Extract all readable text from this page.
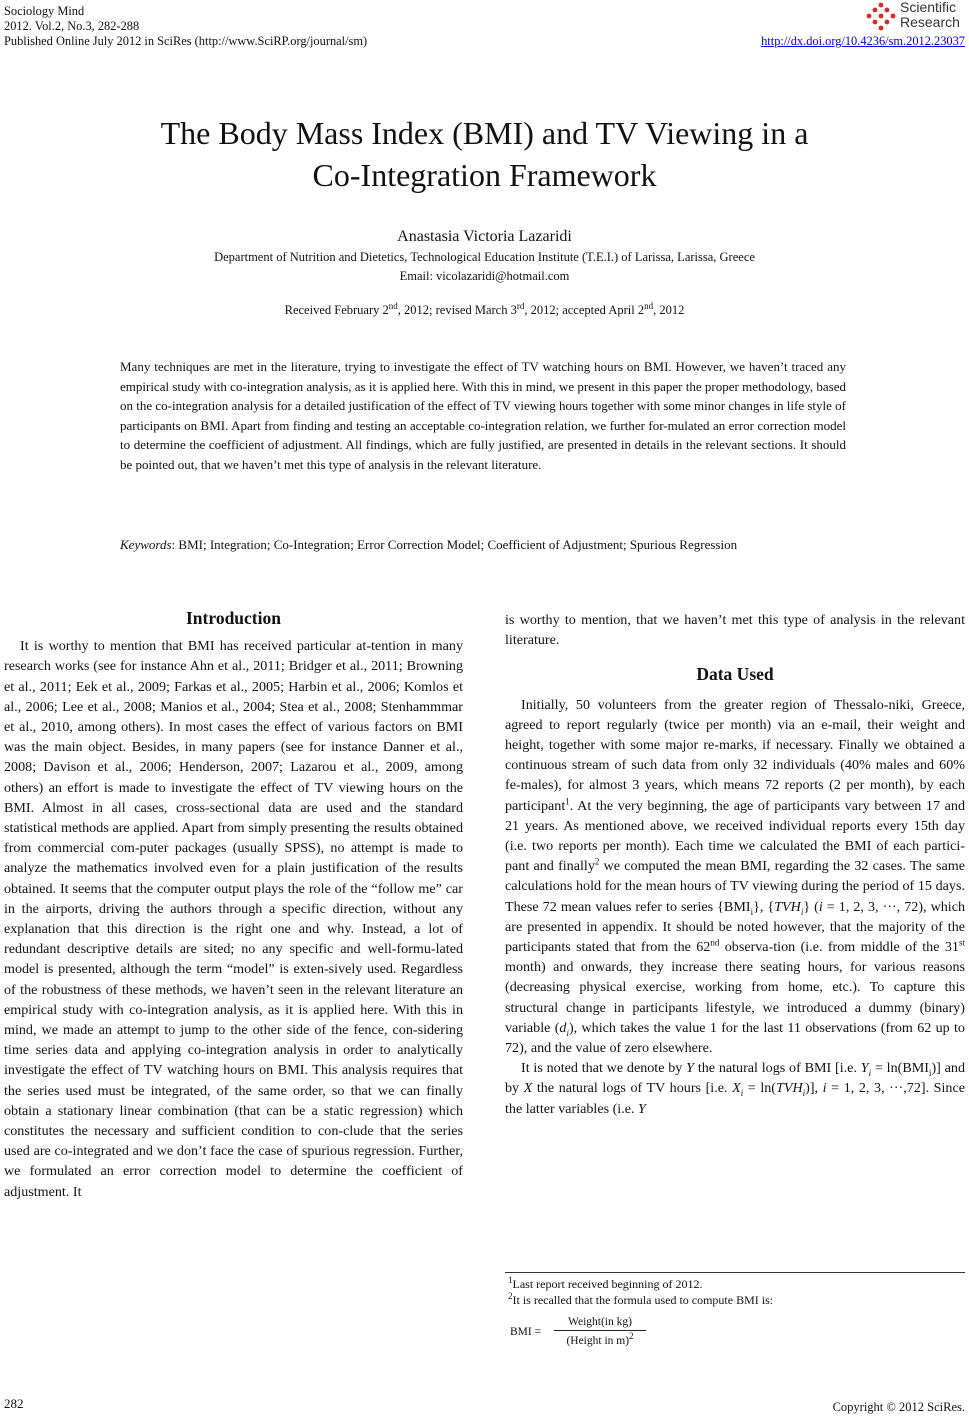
Sociology Mind
2012. Vol.2, No.3, 282-288
Published Online July 2012 in SciRes (http://www.SciRP.org/journal/sm)	http://dx.doi.org/10.4236/sm.2012.23037
Scientific
Research
The Body Mass Index (BMI) and TV Viewing in a
Co-Integration Framework
Anastasia Victoria Lazaridi
Department of Nutrition and Dietetics, Technological Education Institute (T.E.I.) of Larissa, Larissa, Greece
Email: vicolazaridi@hotmail.com
Received February 2nd, 2012; revised March 3rd, 2012; accepted April 2nd, 2012
Many techniques are met in the literature, trying to investigate the effect of TV watching hours on BMI. However, we haven’t traced any empirical study with co-integration analysis, as it is applied here. With this in mind, we present in this paper the proper methodology, based on the co-integration analysis for a detailed justification of the effect of TV viewing hours together with some minor changes in life style of participants on BMI. Apart from finding and testing an acceptable co-integration relation, we further for-mulated an error correction model to determine the coefficient of adjustment. All findings, which are fully justified, are presented in details in the relevant sections. It should be pointed out, that we haven’t met this type of analysis in the relevant literature.
Keywords: BMI; Integration; Co-Integration; Error Correction Model; Coefficient of Adjustment; Spurious Regression
Introduction

It is worthy to mention that BMI has received particular at-tention in many research works (see for instance Ahn et al., 2011; Bridger et al., 2011; Browning et al., 2011; Eek et al., 2009; Farkas et al., 2005; Harbin et al., 2006; Komlos et al., 2006; Lee et al., 2008; Manios et al., 2004; Stea et al., 2008; Stenhammmar et al., 2010, among others). In most cases the effect of various factors on BMI was the main object. Besides, in many papers (see for instance Danner et al., 2008; Davison et al., 2006; Henderson, 2007; Lazarou et al., 2009, among others) an effort is made to investigate the effect of TV viewing hours on the BMI. Almost in all cases, cross-sectional data are used and the standard statistical methods are applied. Apart from simply presenting the results obtained from commercial com-puter packages (usually SPSS), no attempt is made to analyze the mathematics involved even for a plain justification of the results obtained. It seems that the computer output plays the role of the “follow me” car in the airports, driving the authors through a specific direction, without any explanation that this direction is the right one and why. Instead, a lot of redundant descriptive details are sited; no any specific and well-formu-lated model is presented, although the term “model” is exten-sively used. Regardless of the robustness of these methods, we haven’t seen in the relevant literature an empirical study with co-integration analysis, as it is applied here. With this in mind, we made an attempt to jump to the other side of the fence, con-sidering time series data and applying co-integration analysis in order to analytically investigate the effect of TV watching hours on BMI. This analysis requires that the series used must be integrated, of the same order, so that we can finally obtain a stationary linear combination (that can be a static regression) which constitutes the necessary and sufficient condition to con-clude that the series used are co-integrated and we don’t face the case of spurious regression. Further, we formulated an error correction model to determine the coefficient of adjustment. It

is worthy to mention, that we haven’t met this type of analysis in the relevant literature.

Data Used

Initially, 50 volunteers from the greater region of Thessalo-niki, Greece, agreed to report regularly (twice per month) via an e-mail, their weight and height, together with some major re-marks, if necessary. Finally we obtained a continuous stream of such data from only 32 individuals (40% males and 60% fe-males), for almost 3 years, which means 72 reports (2 per month), by each participant$^1$. At the very beginning, the age of participants vary between 17 and 21 years. As mentioned above, we received individual reports every 15th day (i.e. two reports per month). Each time we calculated the BMI of each partici-pant and finally$^2$ we computed the mean BMI, regarding the 32 cases. The same calculations hold for the mean hours of TV viewing during the period of 15 days. These 72 mean values refer to series $\{BMI_i\}$, $\{TVH_i\} (i = 1$, 2, 3, ···, 72), which are presented in appendix. It should be noted however, that the majority of the participants stated that from the 62nd observa-tion (i.e. from middle of the 31st month) and onwards, they increase there seating hours, for various reasons (decreasing physical exercise, working from home, etc.). To capture this structural change in participants lifestyle, we introduced a dummy (binary) variable $(d_i)$, which takes the value 1 for the last 11 observations (from 62 up to 72), and the value of zero elsewhere.

It is noted that we denote by Y the natural logs of BMI [i.e. $Y_i = \ln(BMI_i)$] and by X the natural logs of TV hours [i.e. $X_i = \ln(TVH_i)$], i = 1, 2, 3, ···,72]. Since the latter variables (i.e. Y

$^1$Last report received beginning of 2012.
$^2$It is recalled that the formula used to compute BMI is:
BMI =
Weight(in kg)
(Height in m)$^2$
282	Copyright © 2012 SciRes.
